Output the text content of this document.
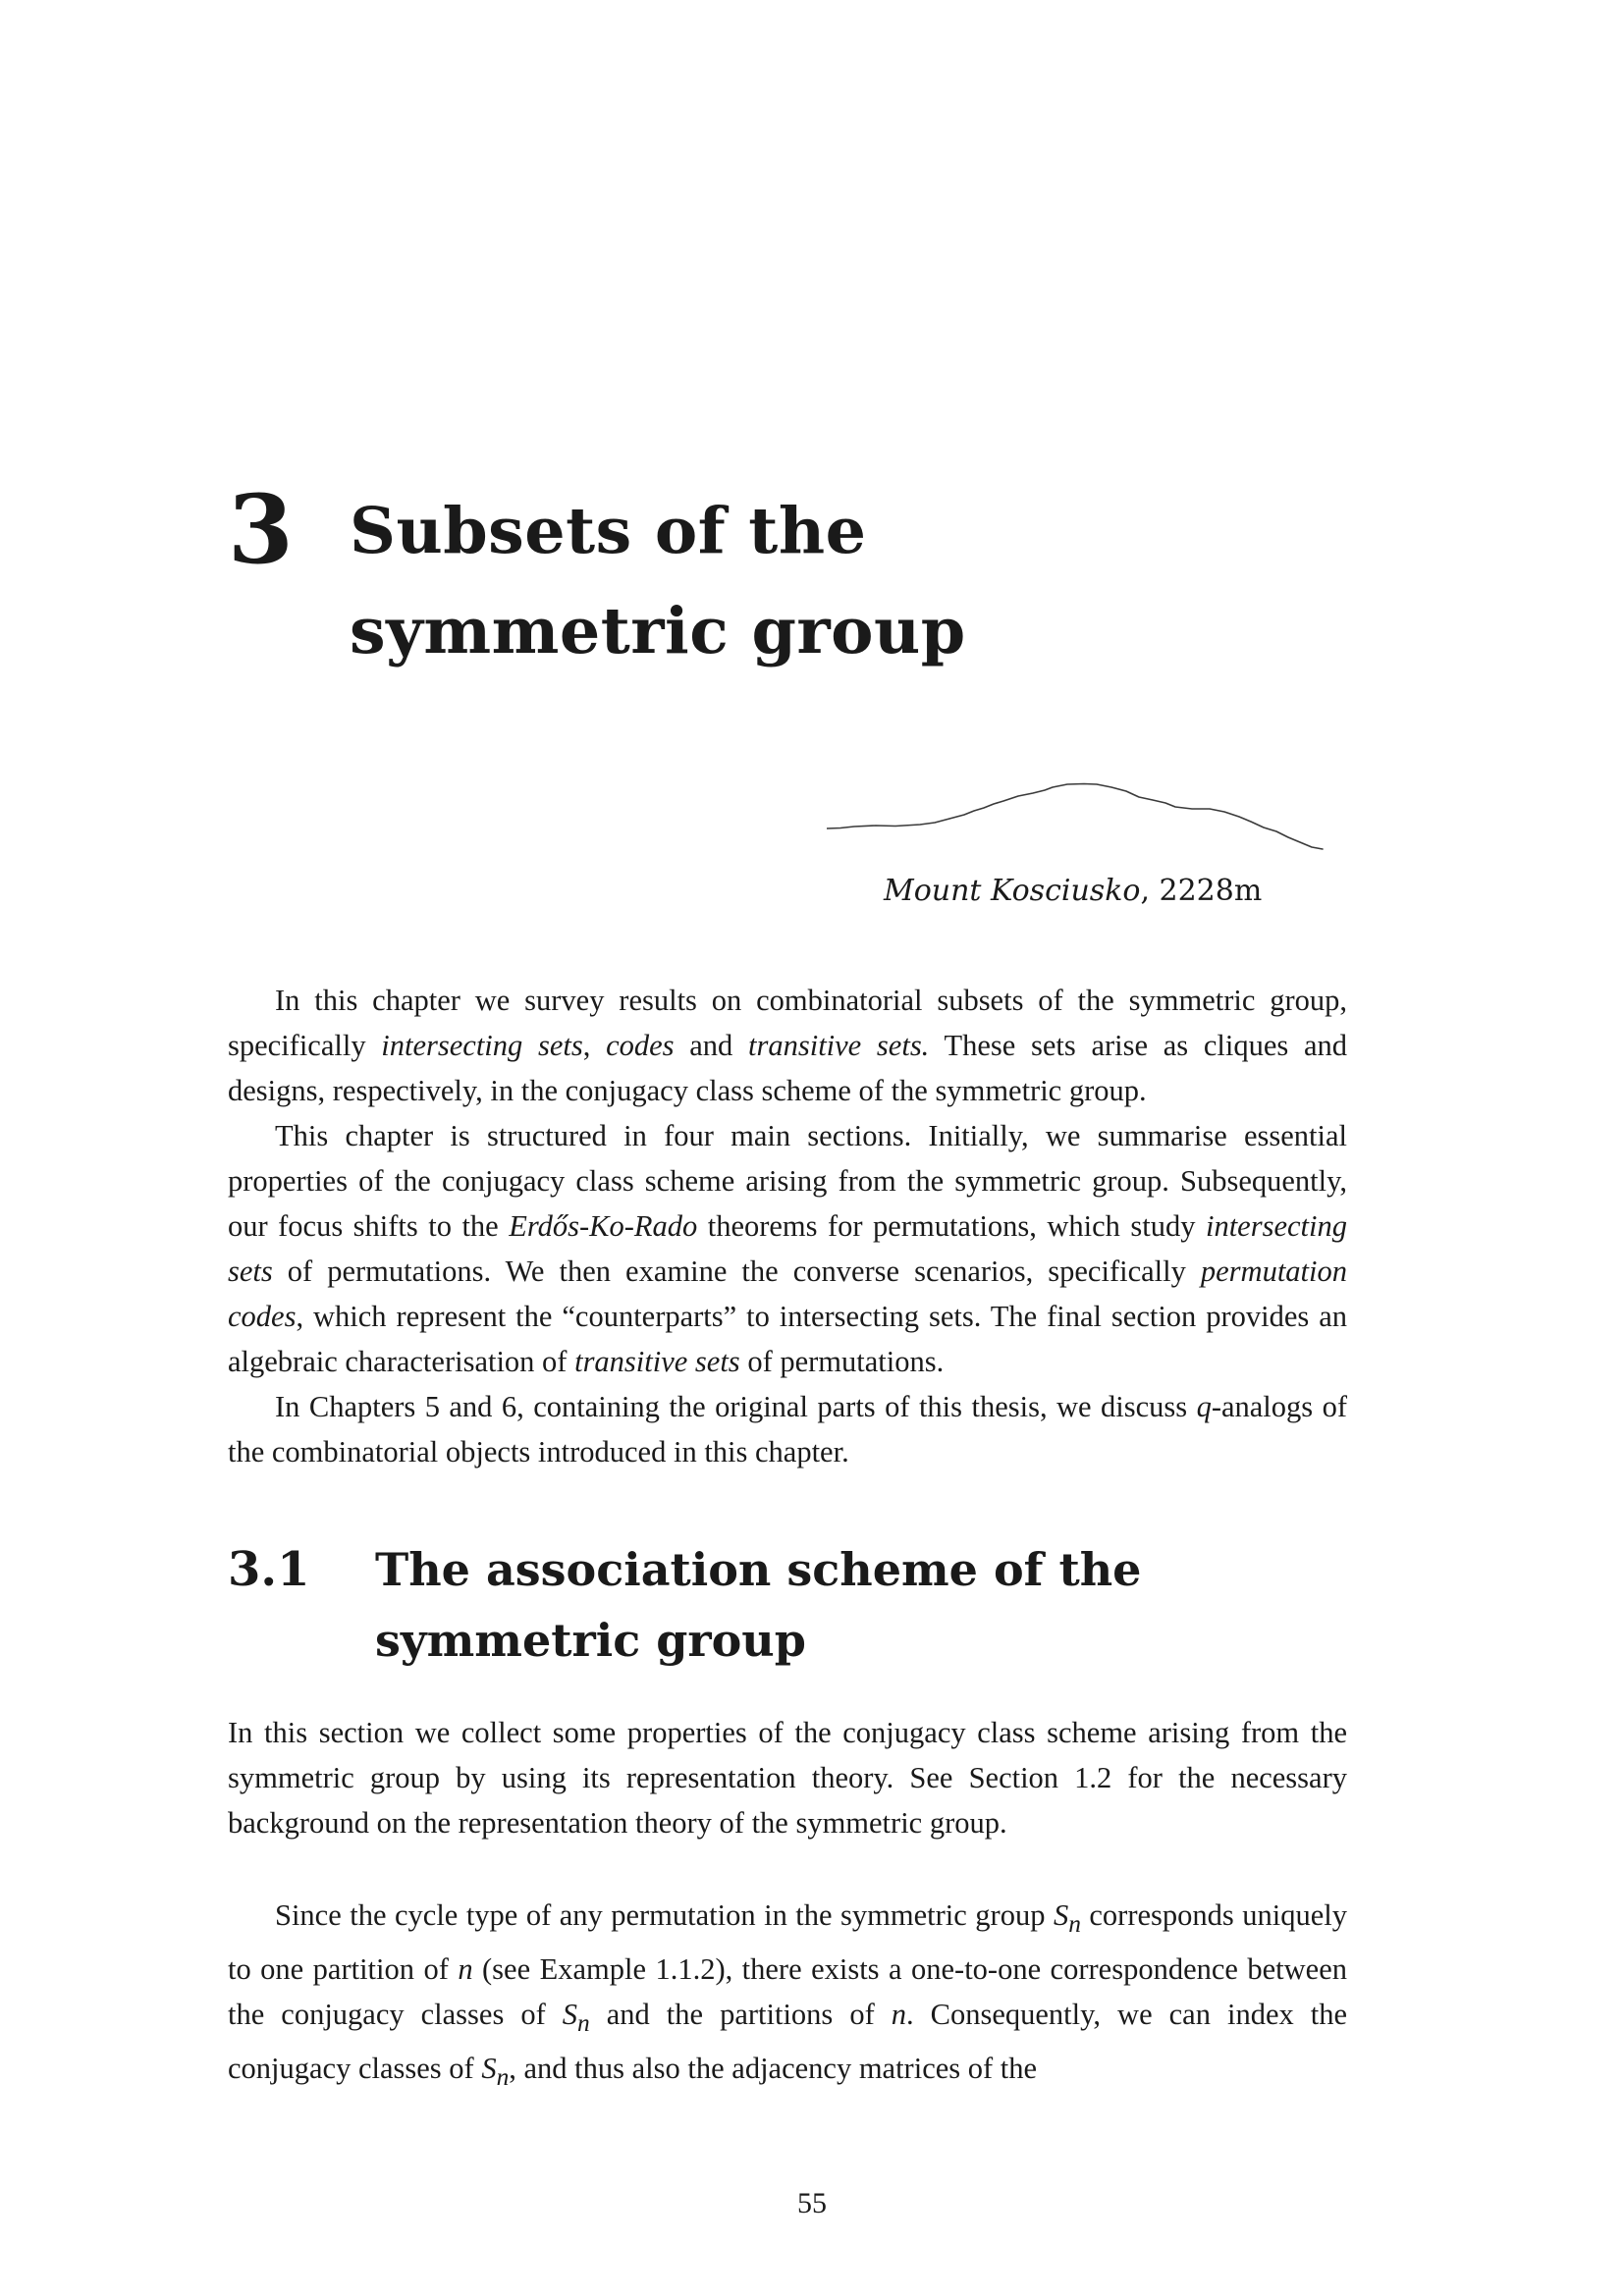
3 Subsets of the symmetric group
Mount Kosciusko, 2228m

In this chapter we survey results on combinatorial subsets of the symmetric group, specifically intersecting sets, codes and transitive sets. These sets arise as cliques and designs, respectively, in the conjugacy class scheme of the symmetric group.

This chapter is structured in four main sections. Initially, we summarise essential properties of the conjugacy class scheme arising from the symmetric group. Subsequently, our focus shifts to the Erdős-Ko-Rado theorems for permutations, which study intersecting sets of permutations. We then examine the converse scenarios, specifically permutation codes, which represent the “counterparts” to intersecting sets. The final section provides an algebraic characterisation of transitive sets of permutations.

In Chapters 5 and 6, containing the original parts of this thesis, we discuss q-analogs of the combinatorial objects introduced in this chapter.

3.1	The association scheme of the symmetric group

In this section we collect some properties of the conjugacy class scheme arising from the symmetric group by using its representation theory. See Section 1.2 for the necessary background on the representation theory of the symmetric group.

Since the cycle type of any permutation in the symmetric group $S_n$ corresponds uniquely to one partition of n (see Example 1.1.2), there exists a one-to-one correspondence between the conjugacy classes of $S_n$ and the partitions of n. Consequently, we can index the conjugacy classes of $S_n$, and thus also the adjacency matrices of the

55
